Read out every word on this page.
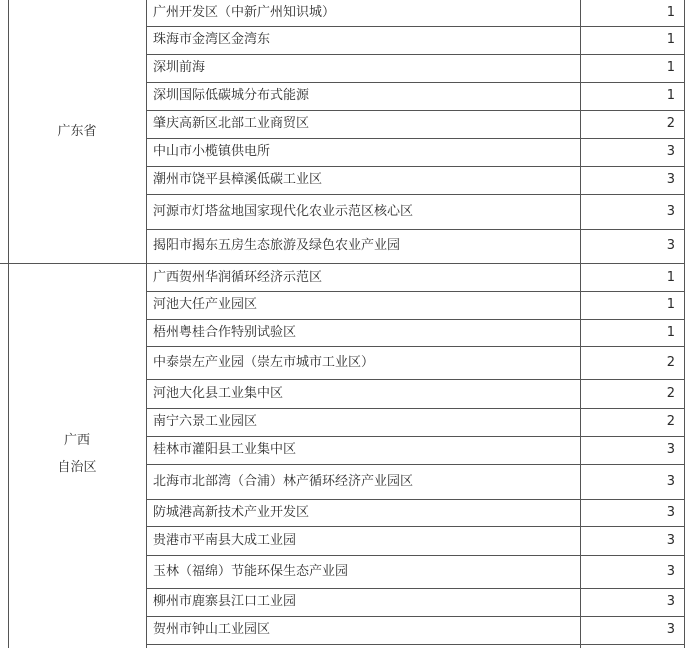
广东省
广州开发区（中新广州知识城）	1
珠海市金湾区金湾东	1
深圳前海	1
深圳国际低碳城分布式能源	1
肇庆高新区北部工业商贸区	2
中山市小榄镇供电所	3
潮州市饶平县樟溪低碳工业区	3
河源市灯塔盆地国家现代化农业示范区核心区	3
揭阳市揭东五房生态旅游及绿色农业产业园	3
广西
自治区
广西贺州华润循环经济示范区	1
河池大任产业园区	1
梧州粤桂合作特别试验区	1
中泰崇左产业园（崇左市城市工业区）	2
河池大化县工业集中区	2
南宁六景工业园区	2
桂林市灌阳县工业集中区	3
北海市北部湾（合浦）林产循环经济产业园区	3
防城港高新技术产业开发区	3
贵港市平南县大成工业园	3
玉林（福绵）节能环保生态产业园	3
柳州市鹿寨县江口工业园	3
贺州市钟山工业园区	3
